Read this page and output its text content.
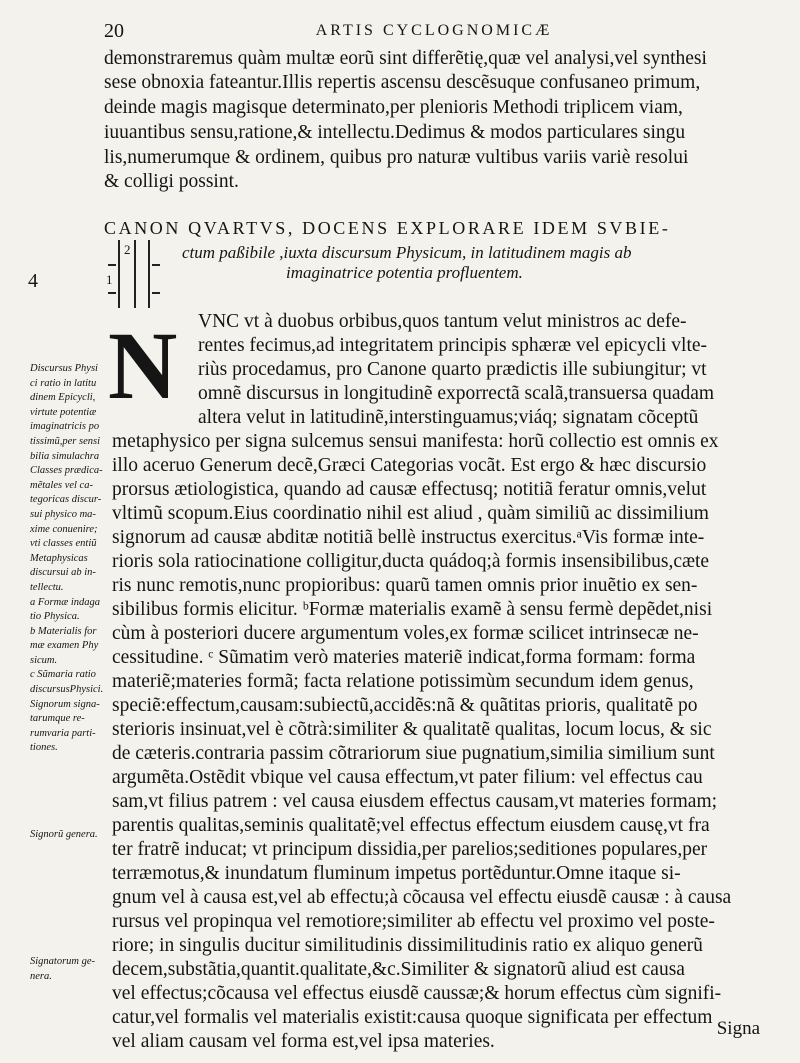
20	ARTIS CYCLOGNOMICÆ
demonstraremus quàm multæ eorũ sint differẽtię,quæ vel analysi,vel synthesi
sese obnoxia fateantur.Illis repertis ascensu descẽsuque confusaneo primum,
deinde magis magisque determinato,per plenioris Methodi triplicem viam,
iuuantibus sensu,ratione,& intellectu.Dedimus & modos particulares singu
lis,numerumque & ordinem, quibus pro naturæ vultibus variis variè resolui
& colligi possint.
CANON QVARTVS, DOCENS EXPLORARE IDEM SVBIE-
ctum paßibile ,iuxta discursum Physicum, in latitudinem magis ab
imaginatrice potentia profluentem.
4
2
1
N VNC vt à duobus orbibus,quos tantum velut ministros ac defe-
rentes fecimus,ad integritatem principis sphæræ vel epicycli vlte-
riùs procedamus, pro Canone quarto prædictis ille subiungitur; vt
omnẽ discursus in longitudinẽ exporrectã scalã,transuersa quadam
altera velut in latitudinẽ,interstinguamus;viáq; signatam cõceptũ
metaphysico per signa sulcemus sensui manifesta: horũ collectio est omnis ex
illo aceruo Generum decẽ,Græci Categorias vocãt. Est ergo & hæc discursio
prorsus ætiologistica, quando ad causæ effectusq; notitiã feratur omnis,velut
vltimũ scopum.Eius coordinatio nihil est aliud , quàm similiũ ac dissimilium
signorum ad causæ abditæ notitiã bellè instructus exercitus.ᵃVis formæ inte-
rioris sola ratiocinatione colligitur,ducta quádoq;à formis insensibilibus,cæte
ris nunc remotis,nunc propioribus: quarũ tamen omnis prior inuẽtio ex sen-
sibilibus formis elicitur. ᵇFormæ materialis examẽ à sensu fermè depẽdet,nisi
cùm à posteriori ducere argumentum voles,ex formæ scilicet intrinsecæ ne-
cessitudine. ᶜ Sũmatim verò materies materiẽ indicat,forma formam: forma
materiẽ;materies formã; facta relatione potissimùm secundum idem genus,
speciẽ:effectum,causam:subiectũ,accidẽs:nã & quãtitas prioris, qualitatẽ po
sterioris insinuat,vel è cõtrà:similiter & qualitatẽ qualitas, locum locus, & sic
de cæteris.contraria passim cõtrariorum siue pugnatium,similia similium sunt
argumẽta.Ostẽdit vbique vel causa effectum,vt pater filium: vel effectus cau
sam,vt filius patrem : vel causa eiusdem effectus causam,vt materies formam;
parentis qualitas,seminis qualitatẽ;vel effectus effectum eiusdem causę,vt fra
ter fratrẽ inducat; vt principum dissidia,per parelios;seditiones populares,per
terræmotus,& inundatum fluminum impetus portẽduntur.Omne itaque si-
gnum vel à causa est,vel ab effectu;à cõcausa vel effectu eiusdẽ causæ : à causa
rursus vel propinqua vel remotiore;similiter ab effectu vel proximo vel poste-
riore; in singulis ducitur similitudinis dissimilitudinis ratio ex aliquo generũ
decem,substãtia,quantit.qualitate,&c.Similiter & signatorũ aliud est causa
vel effectus;cõcausa vel effectus eiusdẽ caussæ;& horum effectus cùm signifi-
catur,vel formalis vel materialis existit:causa quoque significata per effectum
vel aliam causam vel forma est,vel ipsa materies.
Discursus Physi
ci ratio in latitu
dinem Epicycli,
virtute potentiæ
imaginatricis po
tissimũ,per sensi
bilia simulachra
Classes prædica-
mẽtales vel ca-
tegoricas discur-
sui physico ma-
xime conuenire;
vti classes entiũ
Metaphysicas
discursui ab in-
tellectu.
a Formæ indaga
tio Physica.
b Materialis for
mæ examen Phy
sicum.
c Sũmaria ratio
discursusPhysici.
Signorum signa-
tarumque re-
rumvaria parti-
tiones.
Signorũ genera.
Signatorum ge-
nera.
Signa
